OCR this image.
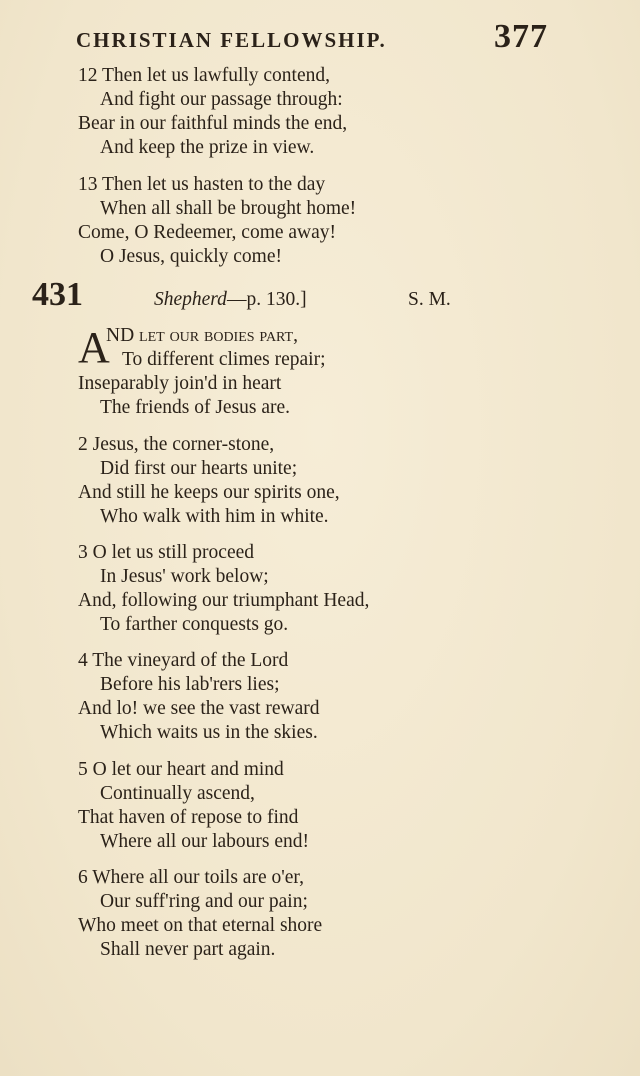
CHRISTIAN FELLOWSHIP.	377
12 Then let us lawfully contend,
And fight our passage through:
Bear in our faithful minds the end,
And keep the prize in view.
13 Then let us hasten to the day
When all shall be brought home!
Come, O Redeemer, come away!
O Jesus, quickly come!
431	Shepherd—p. 130.]	S. M.
A
ND let our bodies part,
To different climes repair;
Inseparably join'd in heart
The friends of Jesus are.
2 Jesus, the corner-stone,
Did first our hearts unite;
And still he keeps our spirits one,
Who walk with him in white.
3 O let us still proceed
In Jesus' work below;
And, following our triumphant Head,
To farther conquests go.
4 The vineyard of the Lord
Before his lab'rers lies;
And lo! we see the vast reward
Which waits us in the skies.
5 O let our heart and mind
Continually ascend,
That haven of repose to find
Where all our labours end!
6 Where all our toils are o'er,
Our suff'ring and our pain;
Who meet on that eternal shore
Shall never part again.
